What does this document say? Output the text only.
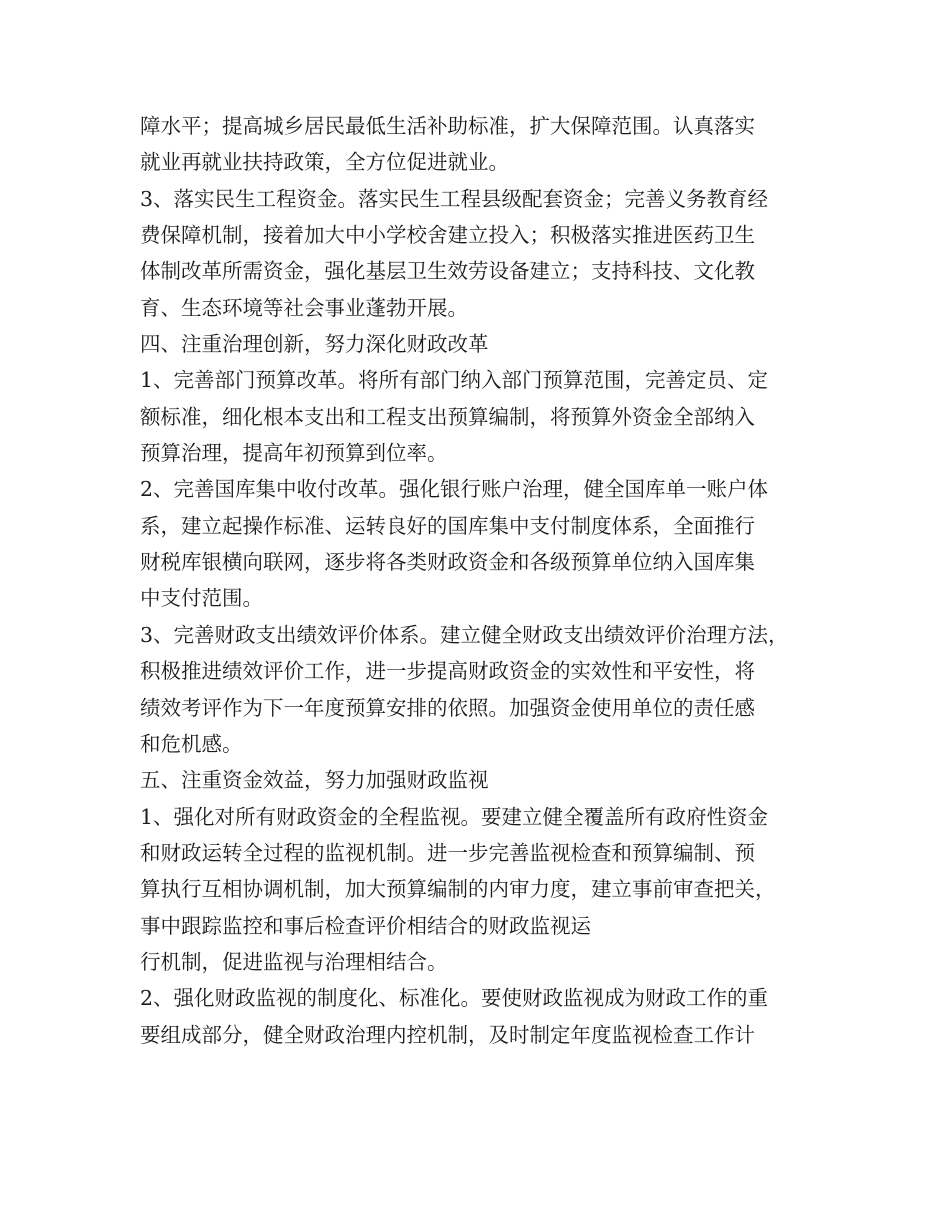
障水平；提高城乡居民最低生活补助标准，扩大保障范围。认真落实
就业再就业扶持政策，全方位促进就业。
3、落实民生工程资金。落实民生工程县级配套资金；完善义务教育经
费保障机制，接着加大中小学校舍建立投入；积极落实推进医药卫生
体制改革所需资金，强化基层卫生效劳设备建立；支持科技、文化教
育、生态环境等社会事业蓬勃开展。
四、注重治理创新，努力深化财政改革
1、完善部门预算改革。将所有部门纳入部门预算范围，完善定员、定
额标准，细化根本支出和工程支出预算编制，将预算外资金全部纳入
预算治理，提高年初预算到位率。
2、完善国库集中收付改革。强化银行账户治理，健全国库单一账户体
系，建立起操作标准、运转良好的国库集中支付制度体系，全面推行
财税库银横向联网，逐步将各类财政资金和各级预算单位纳入国库集
中支付范围。
3、完善财政支出绩效评价体系。建立健全财政支出绩效评价治理方法，
积极推进绩效评价工作，进一步提高财政资金的实效性和平安性，将
绩效考评作为下一年度预算安排的依照。加强资金使用单位的责任感
和危机感。
五、注重资金效益，努力加强财政监视
1、强化对所有财政资金的全程监视。要建立健全覆盖所有政府性资金
和财政运转全过程的监视机制。进一步完善监视检查和预算编制、预
算执行互相协调机制，加大预算编制的内审力度，建立事前审查把关，
事中跟踪监控和事后检查评价相结合的财政监视运
行机制，促进监视与治理相结合。
2、强化财政监视的制度化、标准化。要使财政监视成为财政工作的重
要组成部分，健全财政治理内控机制，及时制定年度监视检查工作计
